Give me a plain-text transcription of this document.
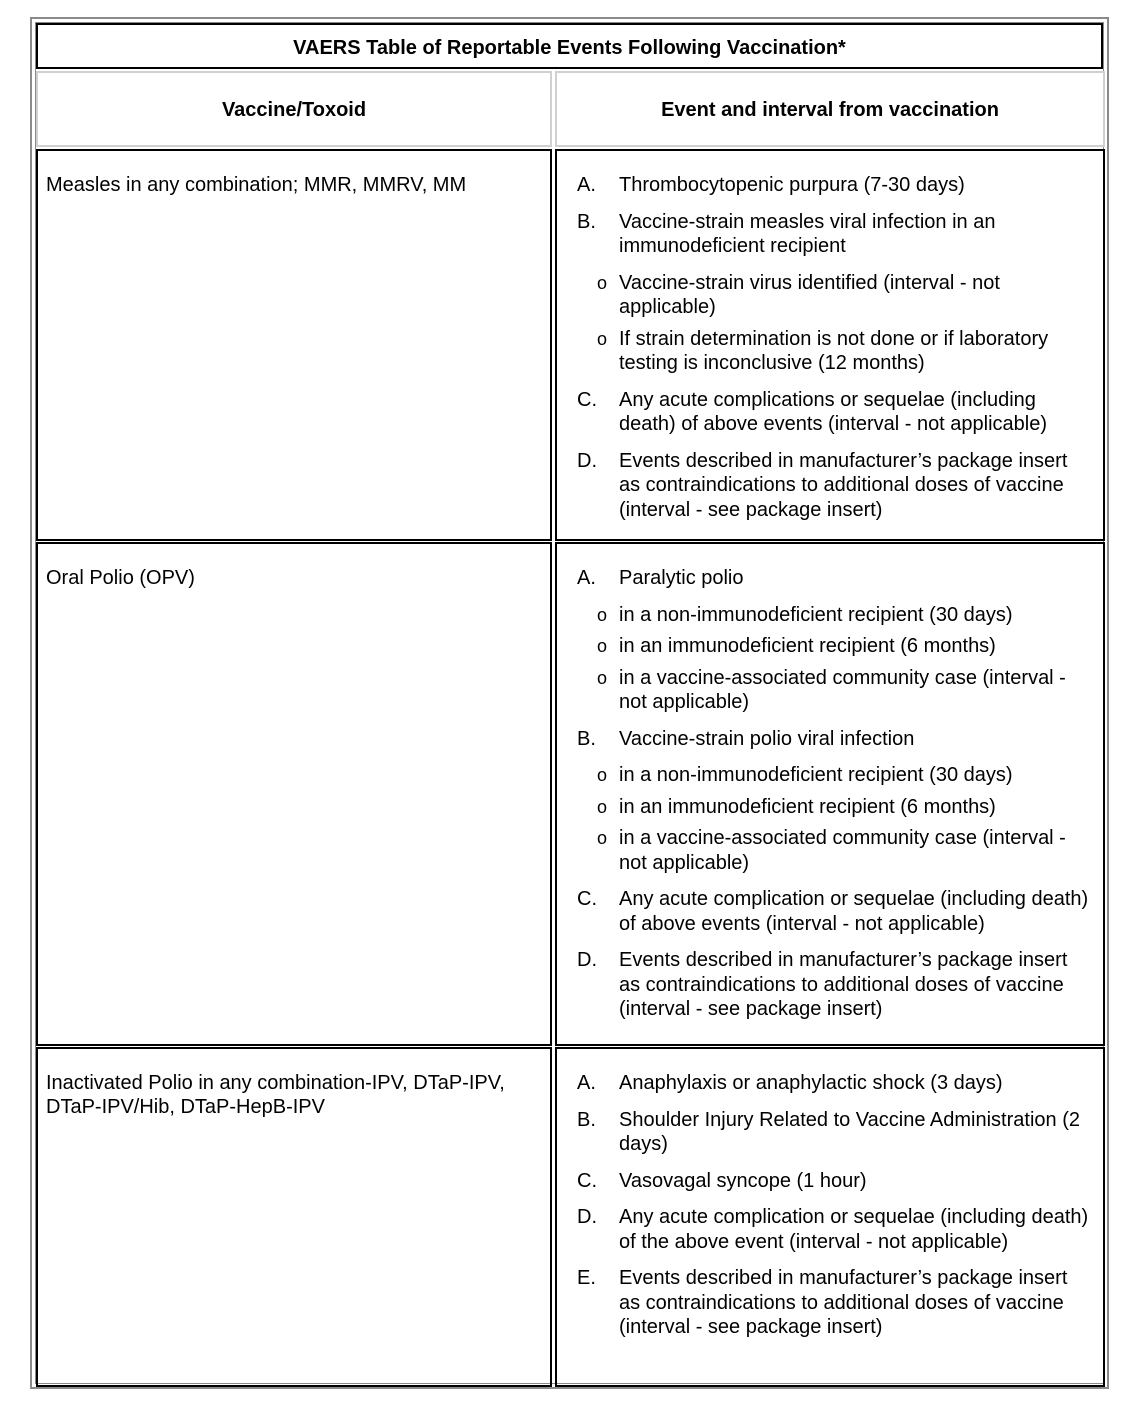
VAERS Table of Reportable Events Following Vaccination*
Vaccine/Toxoid	Event and interval from vaccination
Measles in any combination; MMR, MMRV, MM	A.	Thrombocytopenic purpura (7-30 days)
B.	Vaccine-strain measles viral infection in an immunodeficient recipient
o Vaccine-strain virus identified (interval - not applicable)
o If strain determination is not done or if laboratory testing is inconclusive (12 months)
C.	Any acute complications or sequelae (including death) of above events (interval - not applicable)
D.	Events described in manufacturer’s package insert as contraindications to additional doses of vaccine (interval - see package insert)
Oral Polio (OPV)	A.	Paralytic polio
o in a non-immunodeficient recipient (30 days)
o in an immunodeficient recipient (6 months)
o in a vaccine-associated community case (interval - not applicable)
B.	Vaccine-strain polio viral infection
o in a non-immunodeficient recipient (30 days)
o in an immunodeficient recipient (6 months)
o in a vaccine-associated community case (interval - not applicable)
C.	Any acute complication or sequelae (including death) of above events (interval - not applicable)
D.	Events described in manufacturer’s package insert as contraindications to additional doses of vaccine (interval - see package insert)
Inactivated Polio in any combination-IPV, DTaP-IPV, DTaP-IPV/Hib, DTaP-HepB-IPV
A.	Anaphylaxis or anaphylactic shock (3 days)
B.	Shoulder Injury Related to Vaccine Administration (2 days)
C.	Vasovagal syncope (1 hour)
D.	Any acute complication or sequelae (including death) of the above event (interval - not applicable)
E.	Events described in manufacturer’s package insert as contraindications to additional doses of vaccine (interval - see package insert)
